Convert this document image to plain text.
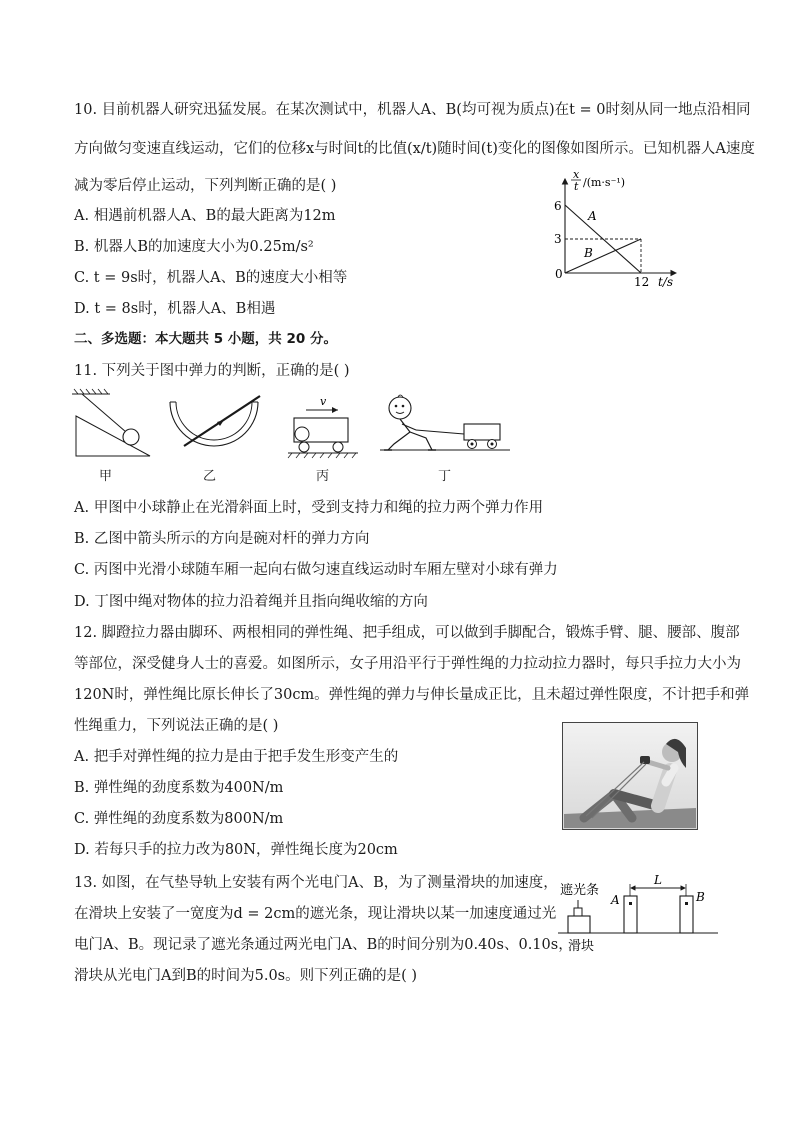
10. 目前机器人研究迅猛发展。在某次测试中，机器人A、B(均可视为质点)在t = 0时刻从同一地点沿相同
方向做匀变速直线运动，它们的位移x与时间t的比值(x/t)随时间(t)变化的图像如图所示。已知机器人A速度
减为零后停止运动，下列判断正确的是( )
A. 相遇前机器人A、B的最大距离为12m
B. 机器人B的加速度大小为0.25m/s²
C. t = 9s时，机器人A、B的速度大小相等
D. t = 8s时，机器人A、B相遇
x
t /(m·s⁻¹)
6
3
0
12 t/s
A
B
二、多选题：本大题共 5 小题，共 20 分。
11. 下列关于图中弹力的判断，正确的是( )
甲	乙
v
丙	丁
A. 甲图中小球静止在光滑斜面上时，受到支持力和绳的拉力两个弹力作用
B. 乙图中箭头所示的方向是碗对杆的弹力方向
C. 丙图中光滑小球随车厢一起向右做匀速直线运动时车厢左壁对小球有弹力
D. 丁图中绳对物体的拉力沿着绳并且指向绳收缩的方向
12. 脚蹬拉力器由脚环、两根相同的弹性绳、把手组成，可以做到手脚配合，锻炼手臂、腿、腰部、腹部
等部位，深受健身人士的喜爱。如图所示，女子用沿平行于弹性绳的力拉动拉力器时，每只手拉力大小为
120N时，弹性绳比原长伸长了30cm。弹性绳的弹力与伸长量成正比，且未超过弹性限度，不计把手和弹
性绳重力，下列说法正确的是( )
A. 把手对弹性绳的拉力是由于把手发生形变产生的
B. 弹性绳的劲度系数为400N/m
C. 弹性绳的劲度系数为800N/m
D. 若每只手的拉力改为80N，弹性绳长度为20cm
13. 如图，在气垫导轨上安装有两个光电门A、B，为了测量滑块的加速度，
在滑块上安装了一宽度为d = 2cm的遮光条，现让滑块以某一加速度通过光
电门A、B。现记录了遮光条通过两光电门A、B的时间分别为0.40s、0.10s，
滑块从光电门A到B的时间为5.0s。则下列正确的是( )
遮光条
滑块
A	B
L
